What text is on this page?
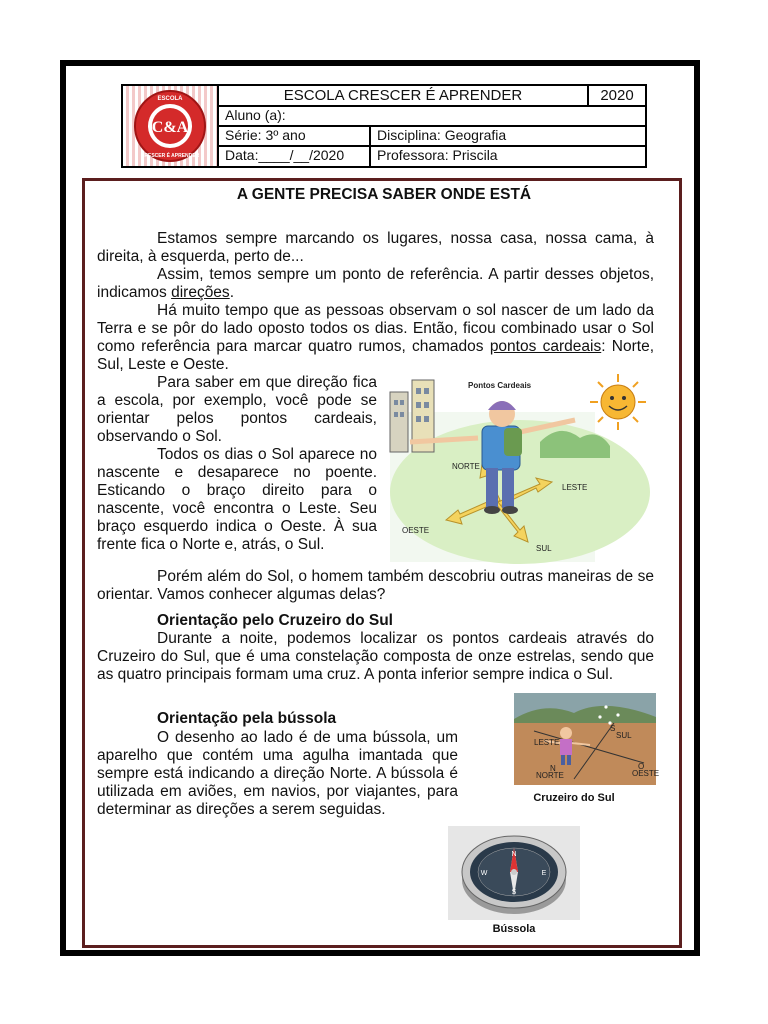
C&A
ESCOLA
CRESCER É APRENDER
ESCOLA CRESCER É APRENDER	2020
Aluno (a):
Série: 3º ano	Disciplina: Geografia
Data:____/__/2020	Professora: Priscila
A GENTE PRECISA SABER ONDE ESTÁ

Estamos sempre marcando os lugares, nossa casa, nossa cama, à direita, à esquerda, perto de...

Assim, temos sempre um ponto de referência. A partir desses objetos, indicamos direções.

Há muito tempo que as pessoas observam o sol nascer de um lado da Terra e se pôr do lado oposto todos os dias. Então, ficou combinado usar o Sol como referência para marcar quatro rumos, chamados pontos cardeais: Norte, Sul, Leste e Oeste.

Para saber em que direção fica a escola, por exemplo, você pode se orientar pelos pontos cardeais, observando o Sol.

Todos os dias o Sol aparece no nascente e desaparece no poente. Esticando o braço direito para o nascente, você encontra o Leste. Seu braço esquerdo indica o Oeste. À sua frente fica o Norte e, atrás, o Sul.

Pontos Cardeais
NORTE
LESTE
OESTE
SUL

Porém além do Sol, o homem também descobriu outras maneiras de se orientar. Vamos conhecer algumas delas?

Orientação pelo Cruzeiro do Sul

Durante a noite, podemos localizar os pontos cardeais através do Cruzeiro do Sul, que é uma constelação composta de onze estrelas, sendo que as quatro principais formam uma cruz. A ponta inferior sempre indica o Sul.

Orientação pela bússola

O desenho ao lado é de uma bússola, um aparelho que contém uma agulha imantada que sempre está indicando a direção Norte. A bússola é utilizada em aviões, em navios, por viajantes, para determinar as direções a serem seguidas.

S
SUL
LESTE
N
NORTE
O
OESTE
Cruzeiro do Sul
N
S
E
W
Bússola
